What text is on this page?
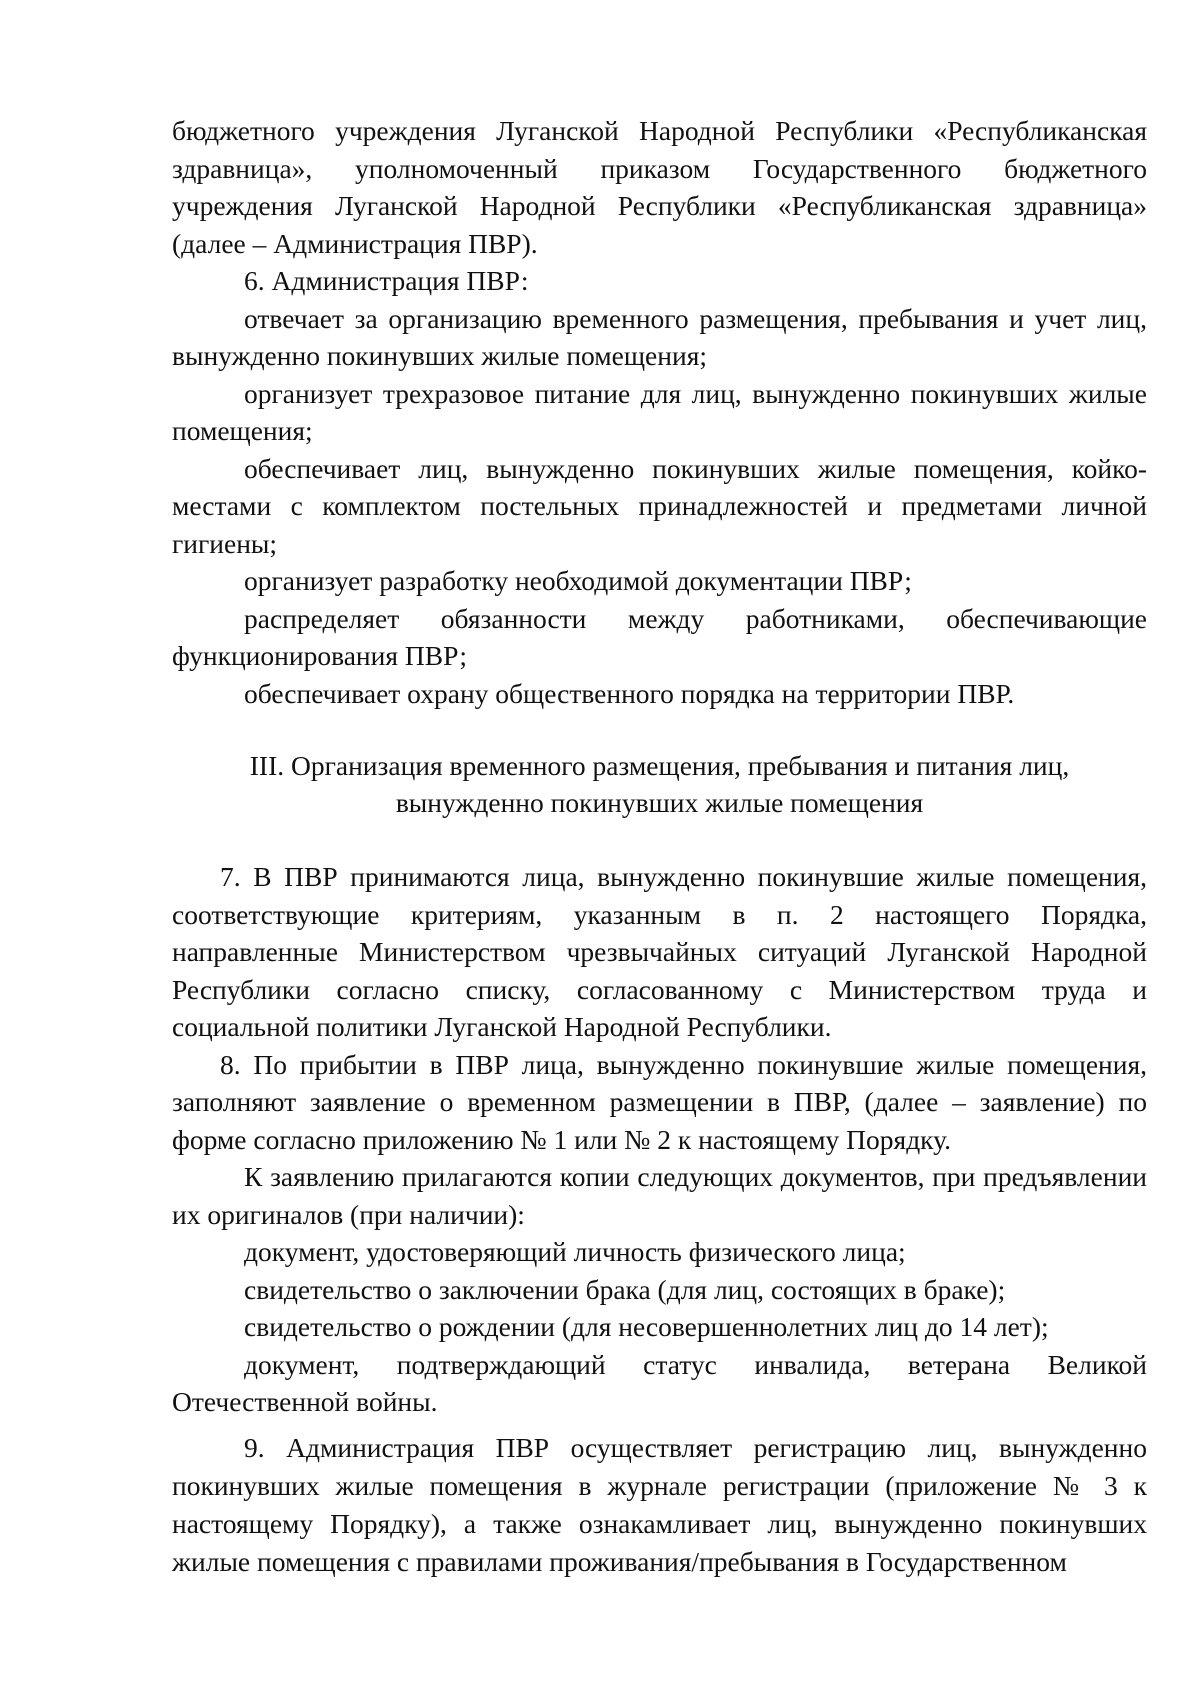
бюджетного учреждения Луганской Народной Республики «Республиканская здравница», уполномоченный приказом Государственного бюджетного учреждения Луганской Народной Республики «Республиканская здравница» (далее – Администрация ПВР).

6. Администрация ПВР:

отвечает за организацию временного размещения, пребывания и учет лиц, вынужденно покинувших жилые помещения;

организует трехразовое питание для лиц, вынужденно покинувших жилые помещения;

обеспечивает лиц, вынужденно покинувших жилые помещения, койко-местами с комплектом постельных принадлежностей и предметами личной гигиены;

организует разработку необходимой документации ПВР;

распределяет обязанности между работниками, обеспечивающие функционирования ПВР;

обеспечивает охрану общественного порядка на территории ПВР.

III. Организация временного размещения, пребывания и питания лиц,
вынужденно покинувших жилые помещения

7. В ПВР принимаются лица, вынужденно покинувшие жилые помещения, соответствующие критериям, указанным в п. 2 настоящего Порядка, направленные Министерством чрезвычайных ситуаций Луганской Народной Республики согласно списку, согласованному с Министерством труда и социальной политики Луганской Народной Республики.

8. По прибытии в ПВР лица, вынужденно покинувшие жилые помещения, заполняют заявление о временном размещении в ПВР, (далее – заявление) по форме согласно приложению № 1 или № 2 к настоящему Порядку.

К заявлению прилагаются копии следующих документов, при предъявлении их оригиналов (при наличии):

документ, удостоверяющий личность физического лица;

свидетельство о заключении брака (для лиц, состоящих в браке);

свидетельство о рождении (для несовершеннолетних лиц до 14 лет);

документ, подтверждающий статус инвалида, ветерана Великой Отечественной войны.

9. Администрация ПВР осуществляет регистрацию лиц, вынужденно покинувших жилые помещения в журнале регистрации (приложение № 3 к настоящему Порядку), а также ознакамливает лиц, вынужденно покинувших жилые помещения с правилами проживания/пребывания в Государственном
